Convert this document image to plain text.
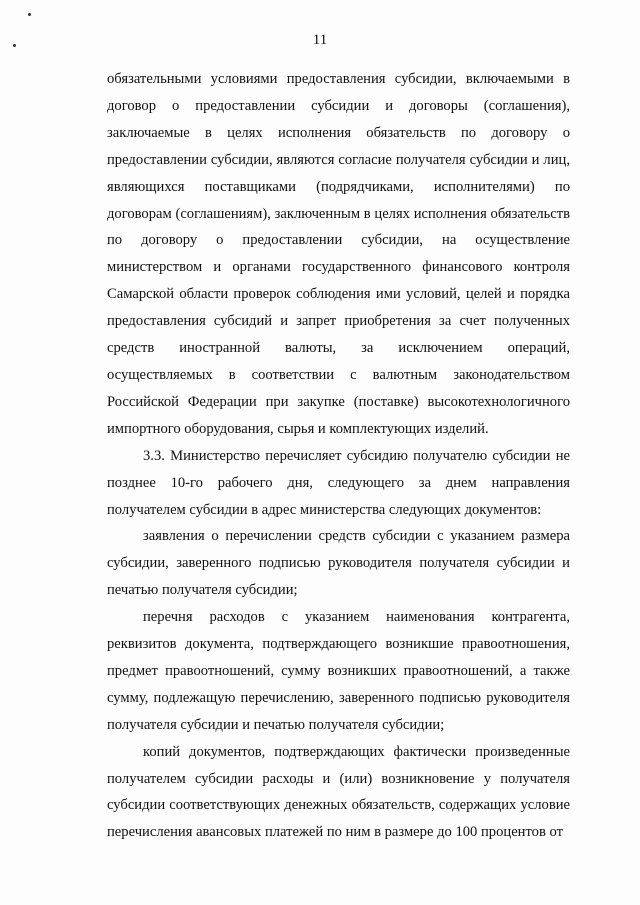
11

обязательными условиями предоставления субсидии, включаемыми в договор о предоставлении субсидии и договоры (соглашения), заключаемые в целях исполнения обязательств по договору о предоставлении субсидии, являются согласие получателя субсидии и лиц, являющихся поставщиками (подрядчиками, исполнителями) по договорам (соглашениям), заключенным в целях исполнения обязательств по договору о предоставлении субсидии, на осуществление министерством и органами государственного финансового контроля Самарской области проверок соблюдения ими условий, целей и порядка предоставления субсидий и запрет приобретения за счет полученных средств иностранной валюты, за исключением операций, осуществляемых в соответствии с валютным законодательством Российской Федерации при закупке (поставке) высокотехнологичного импортного оборудования, сырья и комплектующих изделий.

3.3. Министерство перечисляет субсидию получателю субсидии не позднее 10-го рабочего дня, следующего за днем направления получателем субсидии в адрес министерства следующих документов:

заявления о перечислении средств субсидии с указанием размера субсидии, заверенного подписью руководителя получателя субсидии и печатью получателя субсидии;

перечня расходов с указанием наименования контрагента, реквизитов документа, подтверждающего возникшие правоотношения, предмет правоотношений, сумму возникших правоотношений, а также сумму, подлежащую перечислению, заверенного подписью руководителя получателя субсидии и печатью получателя субсидии;

копий документов, подтверждающих фактически произведенные получателем субсидии расходы и (или) возникновение у получателя субсидии соответствующих денежных обязательств, содержащих условие перечисления авансовых платежей по ним в размере до 100 процентов от
